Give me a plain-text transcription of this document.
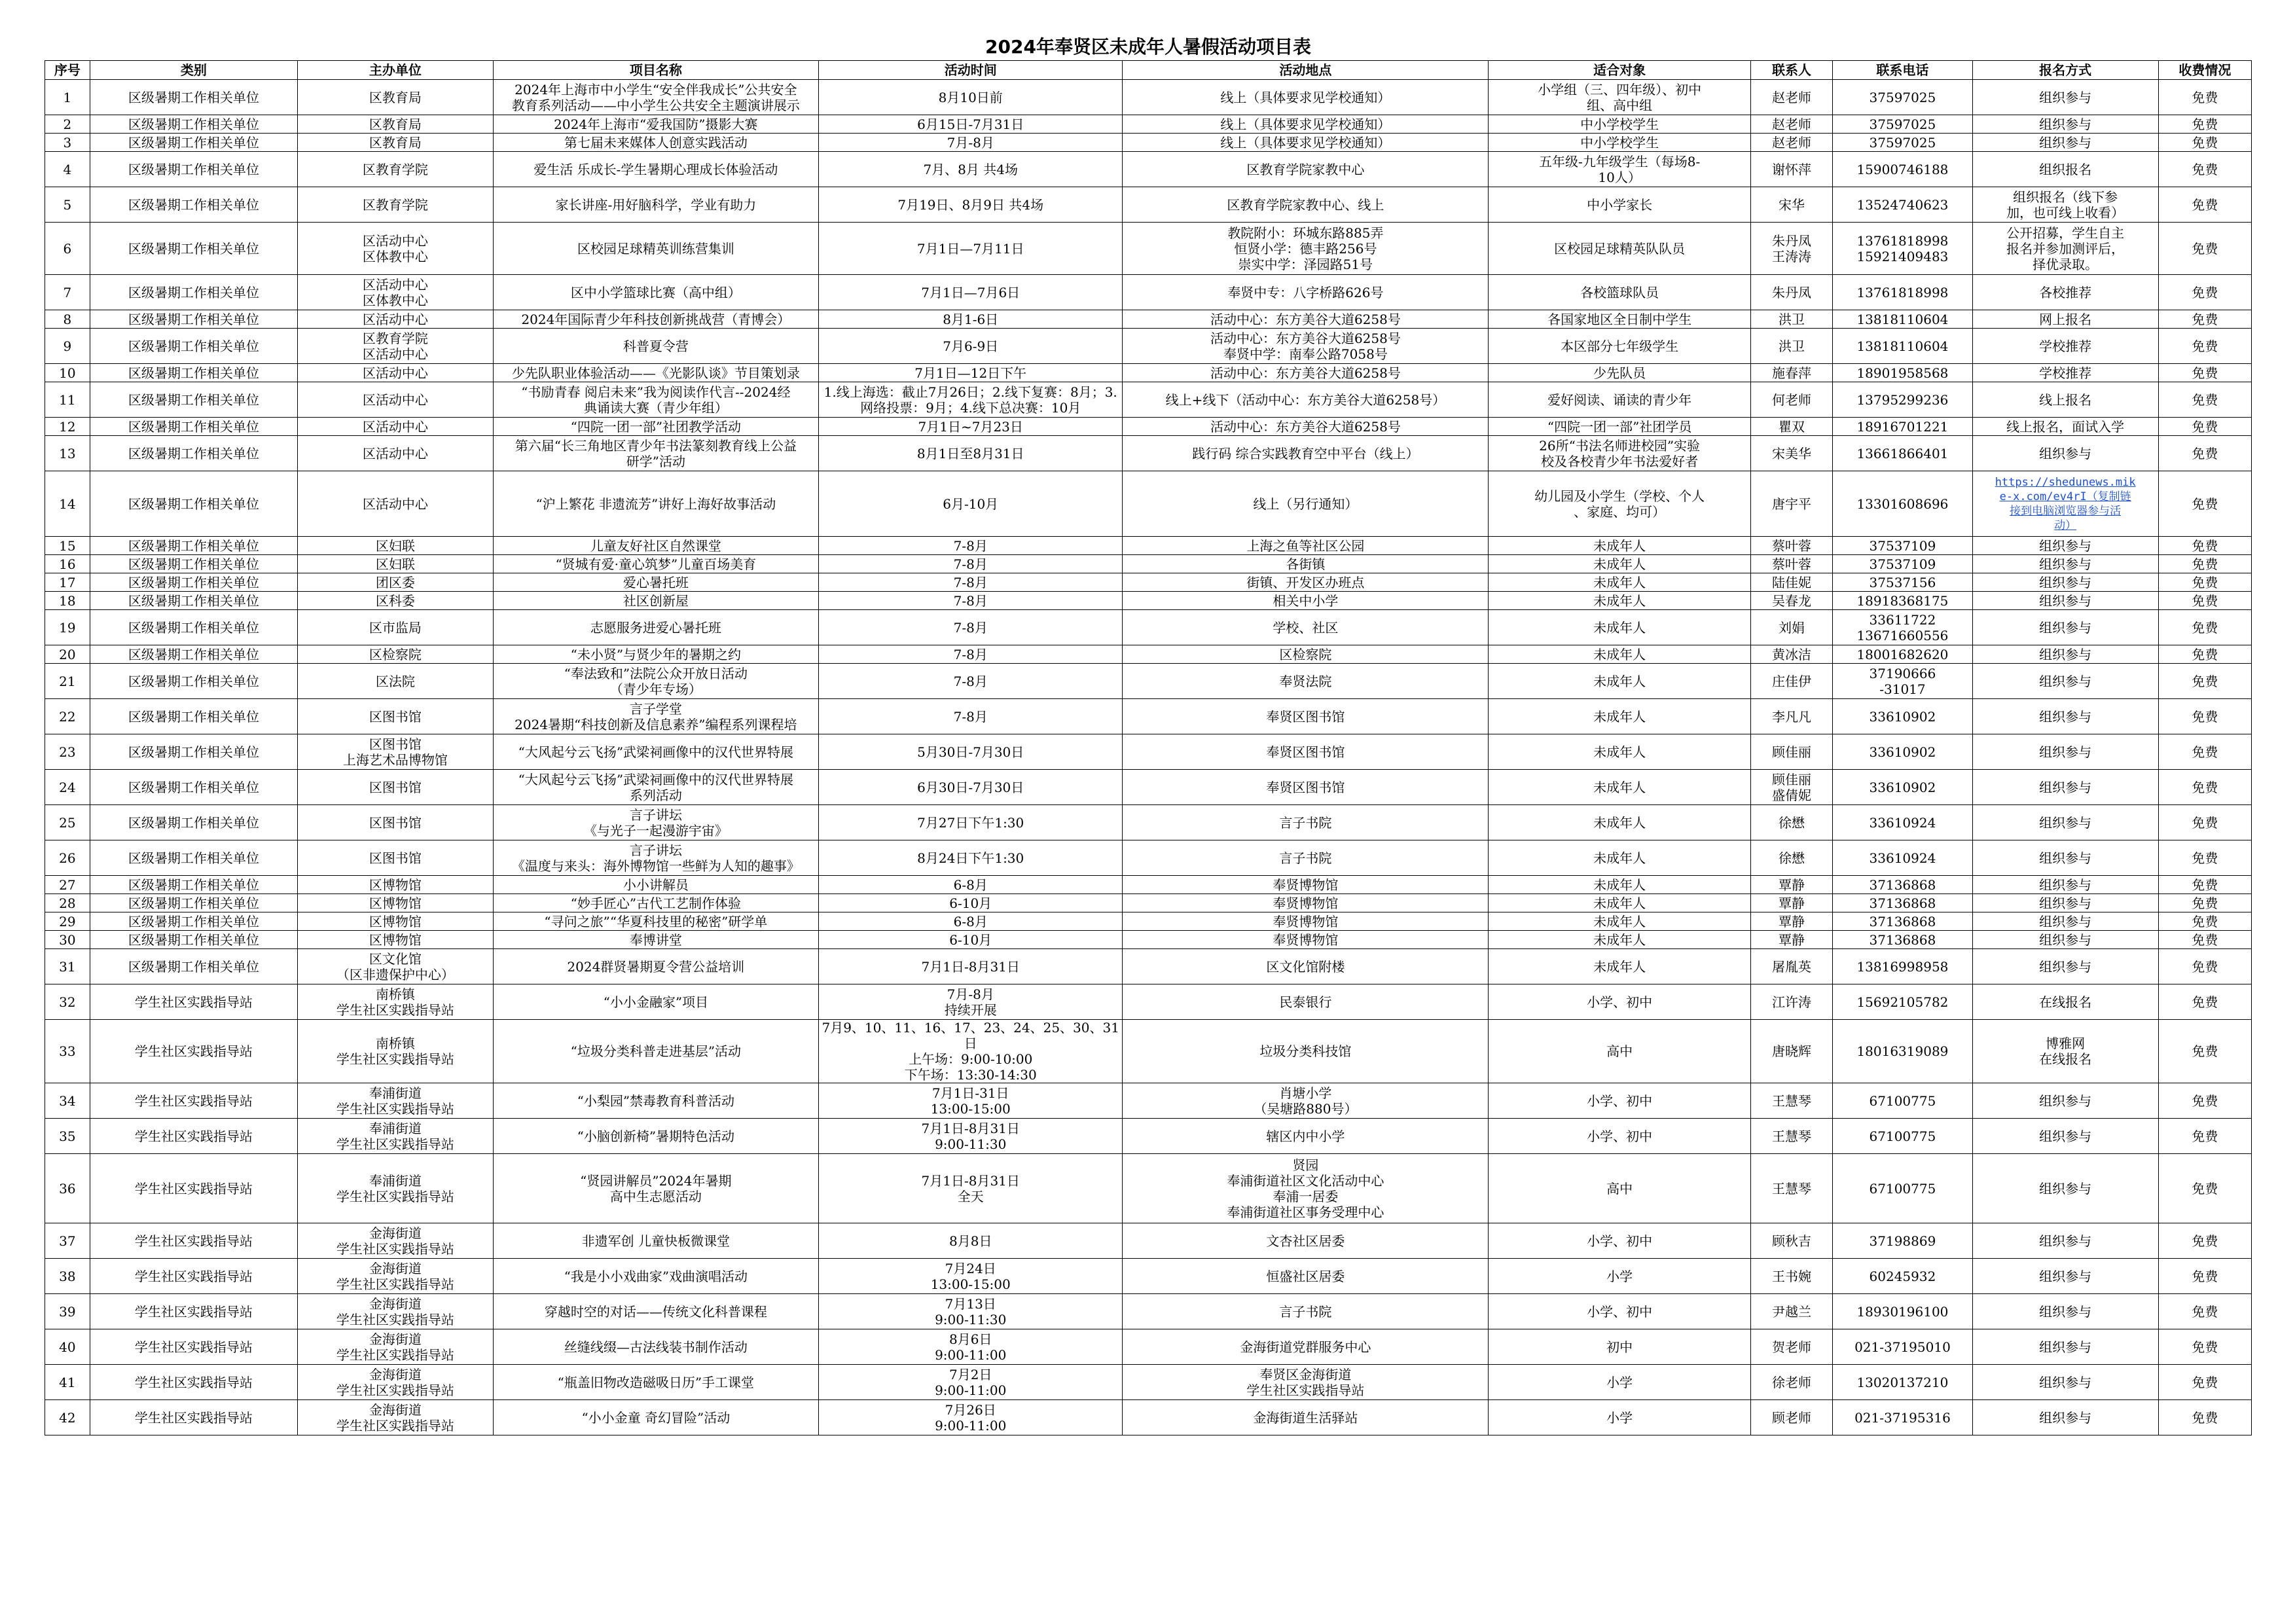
2024年奉贤区未成年人暑假活动项目表
序号	类别	主办单位	项目名称	活动时间	活动地点	适合对象	联系人	联系电话	报名方式	收费情况
1	区级暑期工作相关单位	区教育局	2024年上海市中小学生“安全伴我成长”公共安全
教育系列活动——中小学生公共安全主题演讲展示	8月10日前	线上（具体要求见学校通知）	小学组（三、四年级）、初中
组、高中组	赵老师	37597025	组织参与	免费
2	区级暑期工作相关单位	区教育局	2024年上海市“爱我国防”摄影大赛	6月15日-7月31日	线上（具体要求见学校通知）	中小学校学生	赵老师	37597025	组织参与	免费
3	区级暑期工作相关单位	区教育局	第七届未来媒体人创意实践活动	7月-8月	线上（具体要求见学校通知）	中小学校学生	赵老师	37597025	组织参与	免费
4	区级暑期工作相关单位	区教育学院	爱生活 乐成长-学生暑期心理成长体验活动	7月、8月 共4场	区教育学院家教中心	五年级-九年级学生（每场8-
10人）	谢怀萍	15900746188	组织报名	免费
5	区级暑期工作相关单位	区教育学院	家长讲座-用好脑科学，学业有助力	7月19日、8月9日 共4场	区教育学院家教中心、线上	中小学家长	宋华	13524740623	组织报名（线下参
加，也可线上收看）	免费
6	区级暑期工作相关单位	区活动中心
区体教中心	区校园足球精英训练营集训	7月1日—7月11日	教院附小：环城东路885弄
恒贤小学：德丰路256号
崇实中学：泽园路51号	区校园足球精英队队员	朱丹凤
王涛涛	13761818998
15921409483	公开招募，学生自主
报名并参加测评后，
择优录取。	免费
7	区级暑期工作相关单位	区活动中心
区体教中心	区中小学篮球比赛（高中组）	7月1日—7月6日	奉贤中专：八字桥路626号	各校篮球队员	朱丹凤	13761818998	各校推荐	免费
8	区级暑期工作相关单位	区活动中心	2024年国际青少年科技创新挑战营（青博会）	8月1-6日	活动中心：东方美谷大道6258号	各国家地区全日制中学生	洪卫	13818110604	网上报名	免费
9	区级暑期工作相关单位	区教育学院
区活动中心	科普夏令营	7月6-9日	活动中心：东方美谷大道6258号
奉贤中学：南奉公路7058号	本区部分七年级学生	洪卫	13818110604	学校推荐	免费
10	区级暑期工作相关单位	区活动中心	少先队职业体验活动——《光影队谈》节目策划录	7月1日—12日下午	活动中心：东方美谷大道6258号	少先队员	施春萍	18901958568	学校推荐	免费
11	区级暑期工作相关单位	区活动中心	“书励青春 阅启未来”我为阅读作代言--2024经
典诵读大赛（青少年组）	1.线上海选：截止7月26日；2.线下复赛：8月；3.
网络投票：9月；4.线下总决赛：10月	线上+线下（活动中心：东方美谷大道6258号）	爱好阅读、诵读的青少年	何老师	13795299236	线上报名	免费
12	区级暑期工作相关单位	区活动中心	“四院一团一部”社团教学活动	7月1日~7月23日	活动中心：东方美谷大道6258号	“四院一团一部”社团学员	瞿双	18916701221	线上报名，面试入学	免费
13	区级暑期工作相关单位	区活动中心	第六届“长三角地区青少年书法篆刻教育线上公益
研学”活动	8月1日至8月31日	践行码 综合实践教育空中平台（线上）	26所“书法名师进校园”实验
校及各校青少年书法爱好者	宋美华	13661866401	组织参与	免费
14	区级暑期工作相关单位	区活动中心	“沪上繁花 非遗流芳”讲好上海好故事活动	6月-10月	线上（另行通知）	幼儿园及小学生（学校、个人
、家庭、均可）	唐宇平	13301608696	https://shedunews.mik
e-x.com/ev4rI（复制链
接到电脑浏览器参与活
动）	免费
15	区级暑期工作相关单位	区妇联	儿童友好社区自然课堂	7-8月	上海之鱼等社区公园	未成年人	蔡叶蓉	37537109	组织参与	免费
16	区级暑期工作相关单位	区妇联	“贤城有爱·童心筑梦”儿童百场美育	7-8月	各街镇	未成年人	蔡叶蓉	37537109	组织参与	免费
17	区级暑期工作相关单位	团区委	爱心暑托班	7-8月	街镇、开发区办班点	未成年人	陆佳妮	37537156	组织参与	免费
18	区级暑期工作相关单位	区科委	社区创新屋	7-8月	相关中小学	未成年人	吴春龙	18918368175	组织参与	免费
19	区级暑期工作相关单位	区市监局	志愿服务进爱心暑托班	7-8月	学校、社区	未成年人	刘娟	33611722
13671660556	组织参与	免费
20	区级暑期工作相关单位	区检察院	“未小贤”与贤少年的暑期之约	7-8月	区检察院	未成年人	黄冰洁	18001682620	组织参与	免费
21	区级暑期工作相关单位	区法院	“奉法致和”法院公众开放日活动
（青少年专场）	7-8月	奉贤法院	未成年人	庄佳伊	37190666
-31017	组织参与	免费
22	区级暑期工作相关单位	区图书馆	言子学堂
2024暑期“科技创新及信息素养”编程系列课程培	7-8月	奉贤区图书馆	未成年人	李凡凡	33610902	组织参与	免费
23	区级暑期工作相关单位	区图书馆
上海艺术品博物馆	“大风起兮云飞扬”武梁祠画像中的汉代世界特展	5月30日-7月30日	奉贤区图书馆	未成年人	顾佳丽	33610902	组织参与	免费
24	区级暑期工作相关单位	区图书馆	“大风起兮云飞扬”武梁祠画像中的汉代世界特展
系列活动	6月30日-7月30日	奉贤区图书馆	未成年人	顾佳丽
盛倩妮	33610902	组织参与	免费
25	区级暑期工作相关单位	区图书馆	言子讲坛
《与光子一起漫游宇宙》	7月27日下午1:30	言子书院	未成年人	徐懋	33610924	组织参与	免费
26	区级暑期工作相关单位	区图书馆	言子讲坛
《温度与来头：海外博物馆一些鲜为人知的趣事》	8月24日下午1:30	言子书院	未成年人	徐懋	33610924	组织参与	免费
27	区级暑期工作相关单位	区博物馆	小小讲解员	6-8月	奉贤博物馆	未成年人	覃静	37136868	组织参与	免费
28	区级暑期工作相关单位	区博物馆	“妙手匠心”古代工艺制作体验	6-10月	奉贤博物馆	未成年人	覃静	37136868	组织参与	免费
29	区级暑期工作相关单位	区博物馆	“寻问之旅”“华夏科技里的秘密”研学单	6-8月	奉贤博物馆	未成年人	覃静	37136868	组织参与	免费
30	区级暑期工作相关单位	区博物馆	奉博讲堂	6-10月	奉贤博物馆	未成年人	覃静	37136868	组织参与	免费
31	区级暑期工作相关单位	区文化馆
（区非遗保护中心）	2024群贤暑期夏令营公益培训	7月1日-8月31日	区文化馆附楼	未成年人	屠胤英	13816998958	组织参与	免费
32	学生社区实践指导站	南桥镇
学生社区实践指导站	“小小金融家”项目	7月-8月
持续开展	民泰银行	小学、初中	江许涛	15692105782	在线报名	免费
33	学生社区实践指导站	南桥镇
学生社区实践指导站	“垃圾分类科普走进基层”活动	7月9、10、11、16、17、23、24、25、30、31日
上午场：9:00-10:00
下午场：13:30-14:30	垃圾分类科技馆	高中	唐晓辉	18016319089	博雅网
在线报名	免费
34	学生社区实践指导站	奉浦街道
学生社区实践指导站	“小梨园”禁毒教育科普活动	7月1日-31日
13:00-15:00	肖塘小学
（吴塘路880号）	小学、初中	王慧琴	67100775	组织参与	免费
35	学生社区实践指导站	奉浦街道
学生社区实践指导站	“小脑创新椅”暑期特色活动	7月1日-8月31日
9:00-11:30	辖区内中小学	小学、初中	王慧琴	67100775	组织参与	免费
36	学生社区实践指导站	奉浦街道
学生社区实践指导站	“贤园讲解员”2024年暑期
高中生志愿活动	7月1日-8月31日
全天	贤园
奉浦街道社区文化活动中心
奉浦一居委
奉浦街道社区事务受理中心	高中	王慧琴	67100775	组织参与	免费
37	学生社区实践指导站	金海街道
学生社区实践指导站	非遗军创 儿童快板微课堂	8月8日	文杏社区居委	小学、初中	顾秋吉	37198869	组织参与	免费
38	学生社区实践指导站	金海街道
学生社区实践指导站	“我是小小戏曲家”戏曲演唱活动	7月24日
13:00-15:00	恒盛社区居委	小学	王书婉	60245932	组织参与	免费
39	学生社区实践指导站	金海街道
学生社区实践指导站	穿越时空的对话——传统文化科普课程	7月13日
9:00-11:30	言子书院	小学、初中	尹越兰	18930196100	组织参与	免费
40	学生社区实践指导站	金海街道
学生社区实践指导站	丝缝线缀—古法线装书制作活动	8月6日
9:00-11:00	金海街道党群服务中心	初中	贺老师	021-37195010	组织参与	免费
41	学生社区实践指导站	金海街道
学生社区实践指导站	“瓶盖旧物改造磁吸日历”手工课堂	7月2日
9:00-11:00	奉贤区金海街道
学生社区实践指导站	小学	徐老师	13020137210	组织参与	免费
42	学生社区实践指导站	金海街道
学生社区实践指导站	“小小金童 奇幻冒险”活动	7月26日
9:00-11:00	金海街道生活驿站	小学	顾老师	021-37195316	组织参与	免费
